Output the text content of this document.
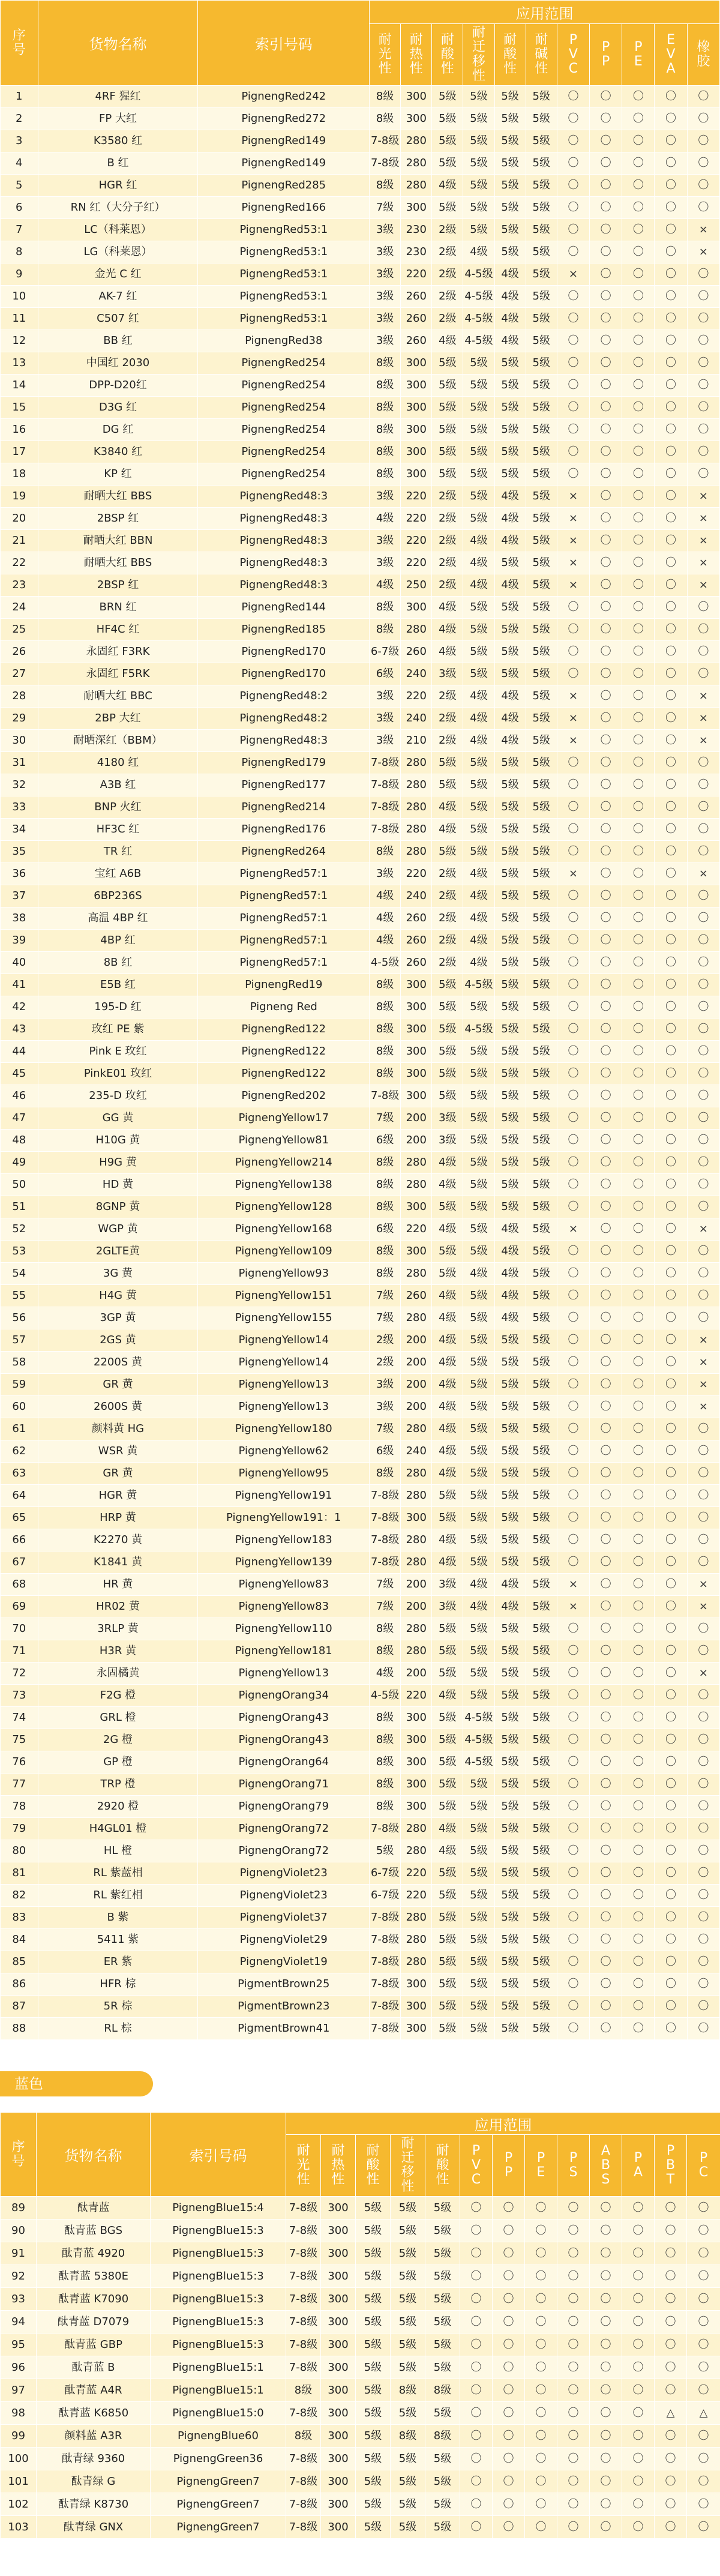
序
号	货物名称	索引号码	应用范围										

			耐
光
性	耐
热
性	耐
酸
性	耐
迁
移
性	耐
酸
性	耐
碱
性	P
V
C	P
P	P
E	E
V
A	橡
胶

1	4RF 猩红	PignengRed242	8级	300	5级	5级	5级	5级	〇	〇	〇	〇	〇
2	FP 大红	PignengRed272	8级	300	5级	5级	5级	5级	〇	〇	〇	〇	〇
3	K3580 红	PignengRed149	7-8级	280	5级	5级	5级	5级	〇	〇	〇	〇	〇
4	B 红	PignengRed149	7-8级	280	5级	5级	5级	5级	〇	〇	〇	〇	〇
5	HGR 红	PignengRed285	8级	280	4级	5级	5级	5级	〇	〇	〇	〇	〇
6	RN 红（大分子红）	PignengRed166	7级	300	5级	5级	5级	5级	〇	〇	〇	〇	〇
7	LC（科莱恩）	PignengRed53:1	3级	230	2级	5级	5级	5级	〇	〇	〇	〇	×
8	LG（科莱恩）	PignengRed53:1	3级	230	2级	4级	5级	5级	〇	〇	〇	〇	×
9	金光 C 红	PignengRed53:1	3级	220	2级	4-5级	4级	5级	×	〇	〇	〇	〇
10	AK-7 红	PignengRed53:1	3级	260	2级	4-5级	4级	5级	〇	〇	〇	〇	〇
11	C507 红	PignengRed53:1	3级	260	2级	4-5级	4级	5级	〇	〇	〇	〇	〇
12	BB 红	PignengRed38	3级	260	4级	4-5级	4级	5级	〇	〇	〇	〇	〇
13	中国红 2030	PignengRed254	8级	300	5级	5级	5级	5级	〇	〇	〇	〇	〇
14	DPP-D20红	PignengRed254	8级	300	5级	5级	5级	5级	〇	〇	〇	〇	〇
15	D3G 红	PignengRed254	8级	300	5级	5级	5级	5级	〇	〇	〇	〇	〇
16	DG 红	PignengRed254	8级	300	5级	5级	5级	5级	〇	〇	〇	〇	〇
17	K3840 红	PignengRed254	8级	300	5级	5级	5级	5级	〇	〇	〇	〇	〇
18	KP 红	PignengRed254	8级	300	5级	5级	5级	5级	〇	〇	〇	〇	〇
19	耐晒大红 BBS	PignengRed48:3	3级	220	2级	5级	4级	5级	×	〇	〇	〇	×
20	2BSP 红	PignengRed48:3	4级	220	2级	5级	4级	5级	×	〇	〇	〇	×
21	耐晒大红 BBN	PignengRed48:3	3级	220	2级	4级	4级	5级	×	〇	〇	〇	×
22	耐晒大红 BBS	PignengRed48:3	3级	220	2级	4级	5级	5级	×	〇	〇	〇	×
23	2BSP 红	PignengRed48:3	4级	250	2级	4级	4级	5级	×	〇	〇	〇	×
24	BRN 红	PignengRed144	8级	300	4级	5级	5级	5级	〇	〇	〇	〇	〇
25	HF4C 红	PignengRed185	8级	280	4级	5级	5级	5级	〇	〇	〇	〇	〇
26	永固红 F3RK	PignengRed170	6-7级	260	4级	5级	5级	5级	〇	〇	〇	〇	〇
27	永固红 F5RK	PignengRed170	6级	240	3级	5级	5级	5级	〇	〇	〇	〇	〇
28	耐晒大红 BBC	PignengRed48:2	3级	220	2级	4级	4级	5级	×	〇	〇	〇	×
29	2BP 大红	PignengRed48:2	3级	240	2级	4级	4级	5级	×	〇	〇	〇	×
30	耐晒深红（BBM）	PignengRed48:3	3级	210	2级	4级	4级	5级	×	〇	〇	〇	×
31	4180 红	PignengRed179	7-8级	280	5级	5级	5级	5级	〇	〇	〇	〇	〇
32	A3B 红	PignengRed177	7-8级	280	5级	5级	5级	5级	〇	〇	〇	〇	〇
33	BNP 火红	PignengRed214	7-8级	280	4级	5级	5级	5级	〇	〇	〇	〇	〇
34	HF3C 红	PignengRed176	7-8级	280	4级	5级	5级	5级	〇	〇	〇	〇	〇
35	TR 红	PignengRed264	8级	280	5级	5级	5级	5级	〇	〇	〇	〇	〇
36	宝红 A6B	PignengRed57:1	3级	220	2级	4级	5级	5级	×	〇	〇	〇	×
37	6BP236S	PignengRed57:1	4级	240	2级	4级	5级	5级	〇	〇	〇	〇	〇
38	高温 4BP 红	PignengRed57:1	4级	260	2级	4级	5级	5级	〇	〇	〇	〇	〇
39	4BP 红	PignengRed57:1	4级	260	2级	4级	5级	5级	〇	〇	〇	〇	〇
40	8B 红	PignengRed57:1	4-5级	260	2级	4级	5级	5级	〇	〇	〇	〇	〇
41	E5B 红	PignengRed19	8级	300	5级	4-5级	5级	5级	〇	〇	〇	〇	〇
42	195-D 红	Pigneng Red	8级	300	5级	5级	5级	5级	〇	〇	〇	〇	〇
43	玫红 PE 紫	PignengRed122	8级	300	5级	4-5级	5级	5级	〇	〇	〇	〇	〇
44	Pink E 玫红	PignengRed122	8级	300	5级	5级	5级	5级	〇	〇	〇	〇	〇
45	PinkE01 玫红	PignengRed122	8级	300	5级	5级	5级	5级	〇	〇	〇	〇	〇
46	235-D 玫红	PignengRed202	7-8级	300	5级	5级	5级	5级	〇	〇	〇	〇	〇
47	GG 黄	PignengYellow17	7级	200	3级	5级	5级	5级	〇	〇	〇	〇	〇
48	H10G 黄	PignengYellow81	6级	200	3级	5级	5级	5级	〇	〇	〇	〇	〇
49	H9G 黄	PignengYellow214	8级	280	4级	5级	5级	5级	〇	〇	〇	〇	〇
50	HD 黄	PignengYellow138	8级	280	4级	5级	5级	5级	〇	〇	〇	〇	〇
51	8GNP 黄	PignengYellow128	8级	300	5级	5级	5级	5级	〇	〇	〇	〇	〇
52	WGP 黄	PignengYellow168	6级	220	4级	5级	4级	5级	×	〇	〇	〇	×
53	2GLTE黄	PignengYellow109	8级	300	5级	5级	4级	5级	〇	〇	〇	〇	〇
54	3G 黄	PignengYellow93	8级	280	5级	4级	4级	5级	〇	〇	〇	〇	〇
55	H4G 黄	PignengYellow151	7级	260	4级	5级	4级	5级	〇	〇	〇	〇	〇
56	3GP 黄	PignengYellow155	7级	280	4级	5级	4级	5级	〇	〇	〇	〇	〇
57	2GS 黄	PignengYellow14	2级	200	4级	5级	5级	5级	〇	〇	〇	〇	×
58	2200S 黄	PignengYellow14	2级	200	4级	5级	5级	5级	〇	〇	〇	〇	×
59	GR 黄	PignengYellow13	3级	200	4级	5级	5级	5级	〇	〇	〇	〇	×
60	2600S 黄	PignengYellow13	3级	200	4级	5级	5级	5级	〇	〇	〇	〇	×
61	颜料黄 HG	PignengYellow180	7级	280	4级	5级	5级	5级	〇	〇	〇	〇	〇
62	WSR 黄	PignengYellow62	6级	240	4级	5级	5级	5级	〇	〇	〇	〇	〇
63	GR 黄	PignengYellow95	8级	280	4级	5级	5级	5级	〇	〇	〇	〇	〇
64	HGR 黄	PignengYellow191	7-8级	280	5级	5级	5级	5级	〇	〇	〇	〇	〇
65	HRP 黄	PignengYellow191：1	7-8级	300	5级	5级	5级	5级	〇	〇	〇	〇	〇
66	K2270 黄	PignengYellow183	7-8级	280	4级	5级	5级	5级	〇	〇	〇	〇	〇
67	K1841 黄	PignengYellow139	7-8级	280	4级	5级	5级	5级	〇	〇	〇	〇	〇
68	HR 黄	PignengYellow83	7级	200	3级	4级	4级	5级	×	〇	〇	〇	×
69	HR02 黄	PignengYellow83	7级	200	3级	4级	4级	5级	×	〇	〇	〇	×
70	3RLP 黄	PignengYellow110	8级	280	5级	5级	5级	5级	〇	〇	〇	〇	〇
71	H3R 黄	PignengYellow181	8级	280	5级	5级	5级	5级	〇	〇	〇	〇	〇
72	永固橘黄	PignengYellow13	4级	200	5级	5级	5级	5级	〇	〇	〇	〇	×
73	F2G 橙	PignengOrang34	4-5级	220	4级	5级	5级	5级	〇	〇	〇	〇	〇
74	GRL 橙	PignengOrang43	8级	300	5级	4-5级	5级	5级	〇	〇	〇	〇	〇
75	2G 橙	PignengOrang43	8级	300	5级	4-5级	5级	5级	〇	〇	〇	〇	〇
76	GP 橙	PignengOrang64	8级	300	5级	4-5级	5级	5级	〇	〇	〇	〇	〇
77	TRP 橙	PignengOrang71	8级	300	5级	5级	5级	5级	〇	〇	〇	〇	〇
78	2920 橙	PignengOrang79	8级	300	5级	5级	5级	5级	〇	〇	〇	〇	〇
79	H4GL01 橙	PignengOrang72	7-8级	280	4级	5级	5级	5级	〇	〇	〇	〇	〇
80	HL 橙	PignengOrang72	5级	280	4级	5级	5级	5级	〇	〇	〇	〇	〇
81	RL 紫蓝相	PignengViolet23	6-7级	220	5级	5级	5级	5级	〇	〇	〇	〇	〇
82	RL 紫红相	PignengViolet23	6-7级	220	5级	5级	5级	5级	〇	〇	〇	〇	〇
83	B 紫	PignengViolet37	7-8级	280	5级	5级	5级	5级	〇	〇	〇	〇	〇
84	5411 紫	PignengViolet29	7-8级	280	5级	5级	5级	5级	〇	〇	〇	〇	〇
85	ER 紫	PignengViolet19	7-8级	280	5级	5级	5级	5级	〇	〇	〇	〇	〇
86	HFR 棕	PigmentBrown25	7-8级	300	5级	5级	5级	5级	〇	〇	〇	〇	〇
87	5R 棕	PigmentBrown23	7-8级	300	5级	5级	5级	5级	〇	〇	〇	〇	〇
88	RL 棕	PigmentBrown41	7-8级	300	5级	5级	5级	5级	〇	〇	〇	〇	〇
蓝色
序
号	货物名称	索引号码	应用范围												

			耐
光
性	耐
热
性	耐
酸
性	耐
迁
移
性	耐
酸
性	P
V
C	P
P	P
E	P
S	A
B
S	P
A	P
B
T	P
C

89	酞青蓝	PignengBlue15:4	7-8级	300	5级	5级	5级	〇	〇	〇	〇	〇	〇	〇	〇
90	酞青蓝 BGS	PignengBlue15:3	7-8级	300	5级	5级	5级	〇	〇	〇	〇	〇	〇	〇	〇
91	酞青蓝 4920	PignengBlue15:3	7-8级	300	5级	5级	5级	〇	〇	〇	〇	〇	〇	〇	〇
92	酞青蓝 5380E	PignengBlue15:3	7-8级	300	5级	5级	5级	〇	〇	〇	〇	〇	〇	〇	〇
93	酞青蓝 K7090	PignengBlue15:3	7-8级	300	5级	5级	5级	〇	〇	〇	〇	〇	〇	〇	〇
94	酞青蓝 D7079	PignengBlue15:3	7-8级	300	5级	5级	5级	〇	〇	〇	〇	〇	〇	〇	〇
95	酞青蓝 GBP	PignengBlue15:3	7-8级	300	5级	5级	5级	〇	〇	〇	〇	〇	〇	〇	〇
96	酞青蓝 B	PignengBlue15:1	7-8级	300	5级	5级	5级	〇	〇	〇	〇	〇	〇	〇	〇
97	酞青蓝 A4R	PignengBlue15:1	8级	300	5级	8级	8级	〇	〇	〇	〇	〇	〇	〇	〇
98	酞青蓝 K6850	PignengBlue15:0	7-8级	300	5级	5级	5级	〇	〇	〇	〇	〇	〇	△	△
99	颜料蓝 A3R	PignengBlue60	8级	300	5级	8级	8级	〇	〇	〇	〇	〇	〇	〇	〇
100	酞青绿 9360	PignengGreen36	7-8级	300	5级	5级	5级	〇	〇	〇	〇	〇	〇	〇	〇
101	酞青绿 G	PignengGreen7	7-8级	300	5级	5级	5级	〇	〇	〇	〇	〇	〇	〇	〇
102	酞青绿 K8730	PignengGreen7	7-8级	300	5级	5级	5级	〇	〇	〇	〇	〇	〇	〇	〇
103	酞青绿 GNX	PignengGreen7	7-8级	300	5级	5级	5级	〇	〇	〇	〇	〇	〇	〇	〇
